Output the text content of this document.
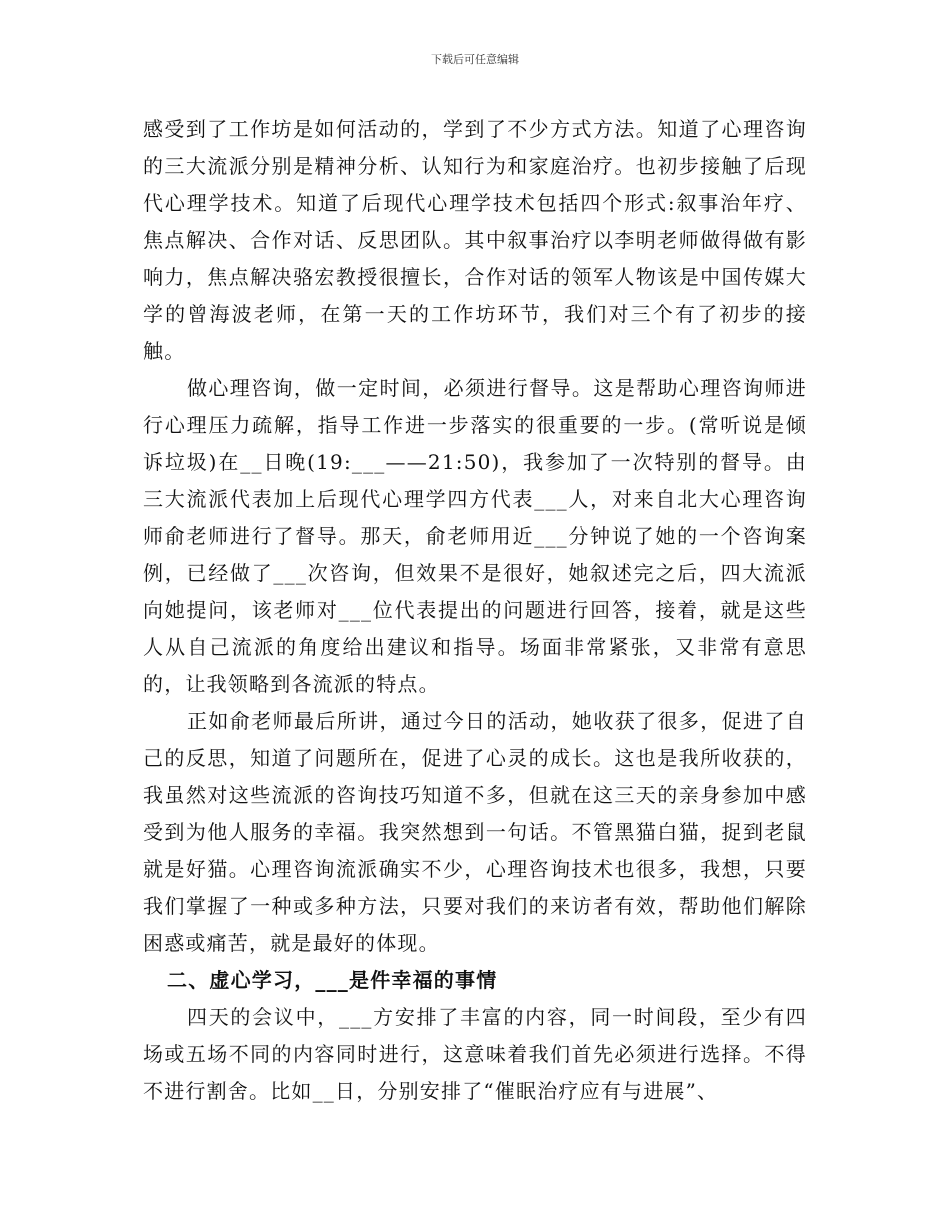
下载后可任意编辑

感受到了工作坊是如何活动的，学到了不少方式方法。知道了心理咨询的三大流派分别是精神分析、认知行为和家庭治疗。也初步接触了后现代心理学技术。知道了后现代心理学技术包括四个形式:叙事治年疗、焦点解决、合作对话、反思团队。其中叙事治疗以李明老师做得做有影响力，焦点解决骆宏教授很擅长，合作对话的领军人物该是中国传媒大学的曾海波老师，在第一天的工作坊环节，我们对三个有了初步的接触。

做心理咨询，做一定时间，必须进行督导。这是帮助心理咨询师进行心理压力疏解，指导工作进一步落实的很重要的一步。(常听说是倾诉垃圾)在__日晚(19:___——21:50)，我参加了一次特别的督导。由三大流派代表加上后现代心理学四方代表___人，对来自北大心理咨询师俞老师进行了督导。那天，俞老师用近___分钟说了她的一个咨询案例，已经做了___次咨询，但效果不是很好，她叙述完之后，四大流派向她提问，该老师对___位代表提出的问题进行回答，接着，就是这些人从自己流派的角度给出建议和指导。场面非常紧张，又非常有意思的，让我领略到各流派的特点。

正如俞老师最后所讲，通过今日的活动，她收获了很多，促进了自己的反思，知道了问题所在，促进了心灵的成长。这也是我所收获的，我虽然对这些流派的咨询技巧知道不多，但就在这三天的亲身参加中感受到为他人服务的幸福。我突然想到一句话。不管黑猫白猫，捉到老鼠就是好猫。心理咨询流派确实不少，心理咨询技术也很多，我想，只要我们掌握了一种或多种方法，只要对我们的来访者有效，帮助他们解除困惑或痛苦，就是最好的体现。

二、虚心学习，___是件幸福的事情

四天的会议中，___方安排了丰富的内容，同一时间段，至少有四场或五场不同的内容同时进行，这意味着我们首先必须进行选择。不得不进行割舍。比如__日，分别安排了“催眠治疗应有与进展”、
